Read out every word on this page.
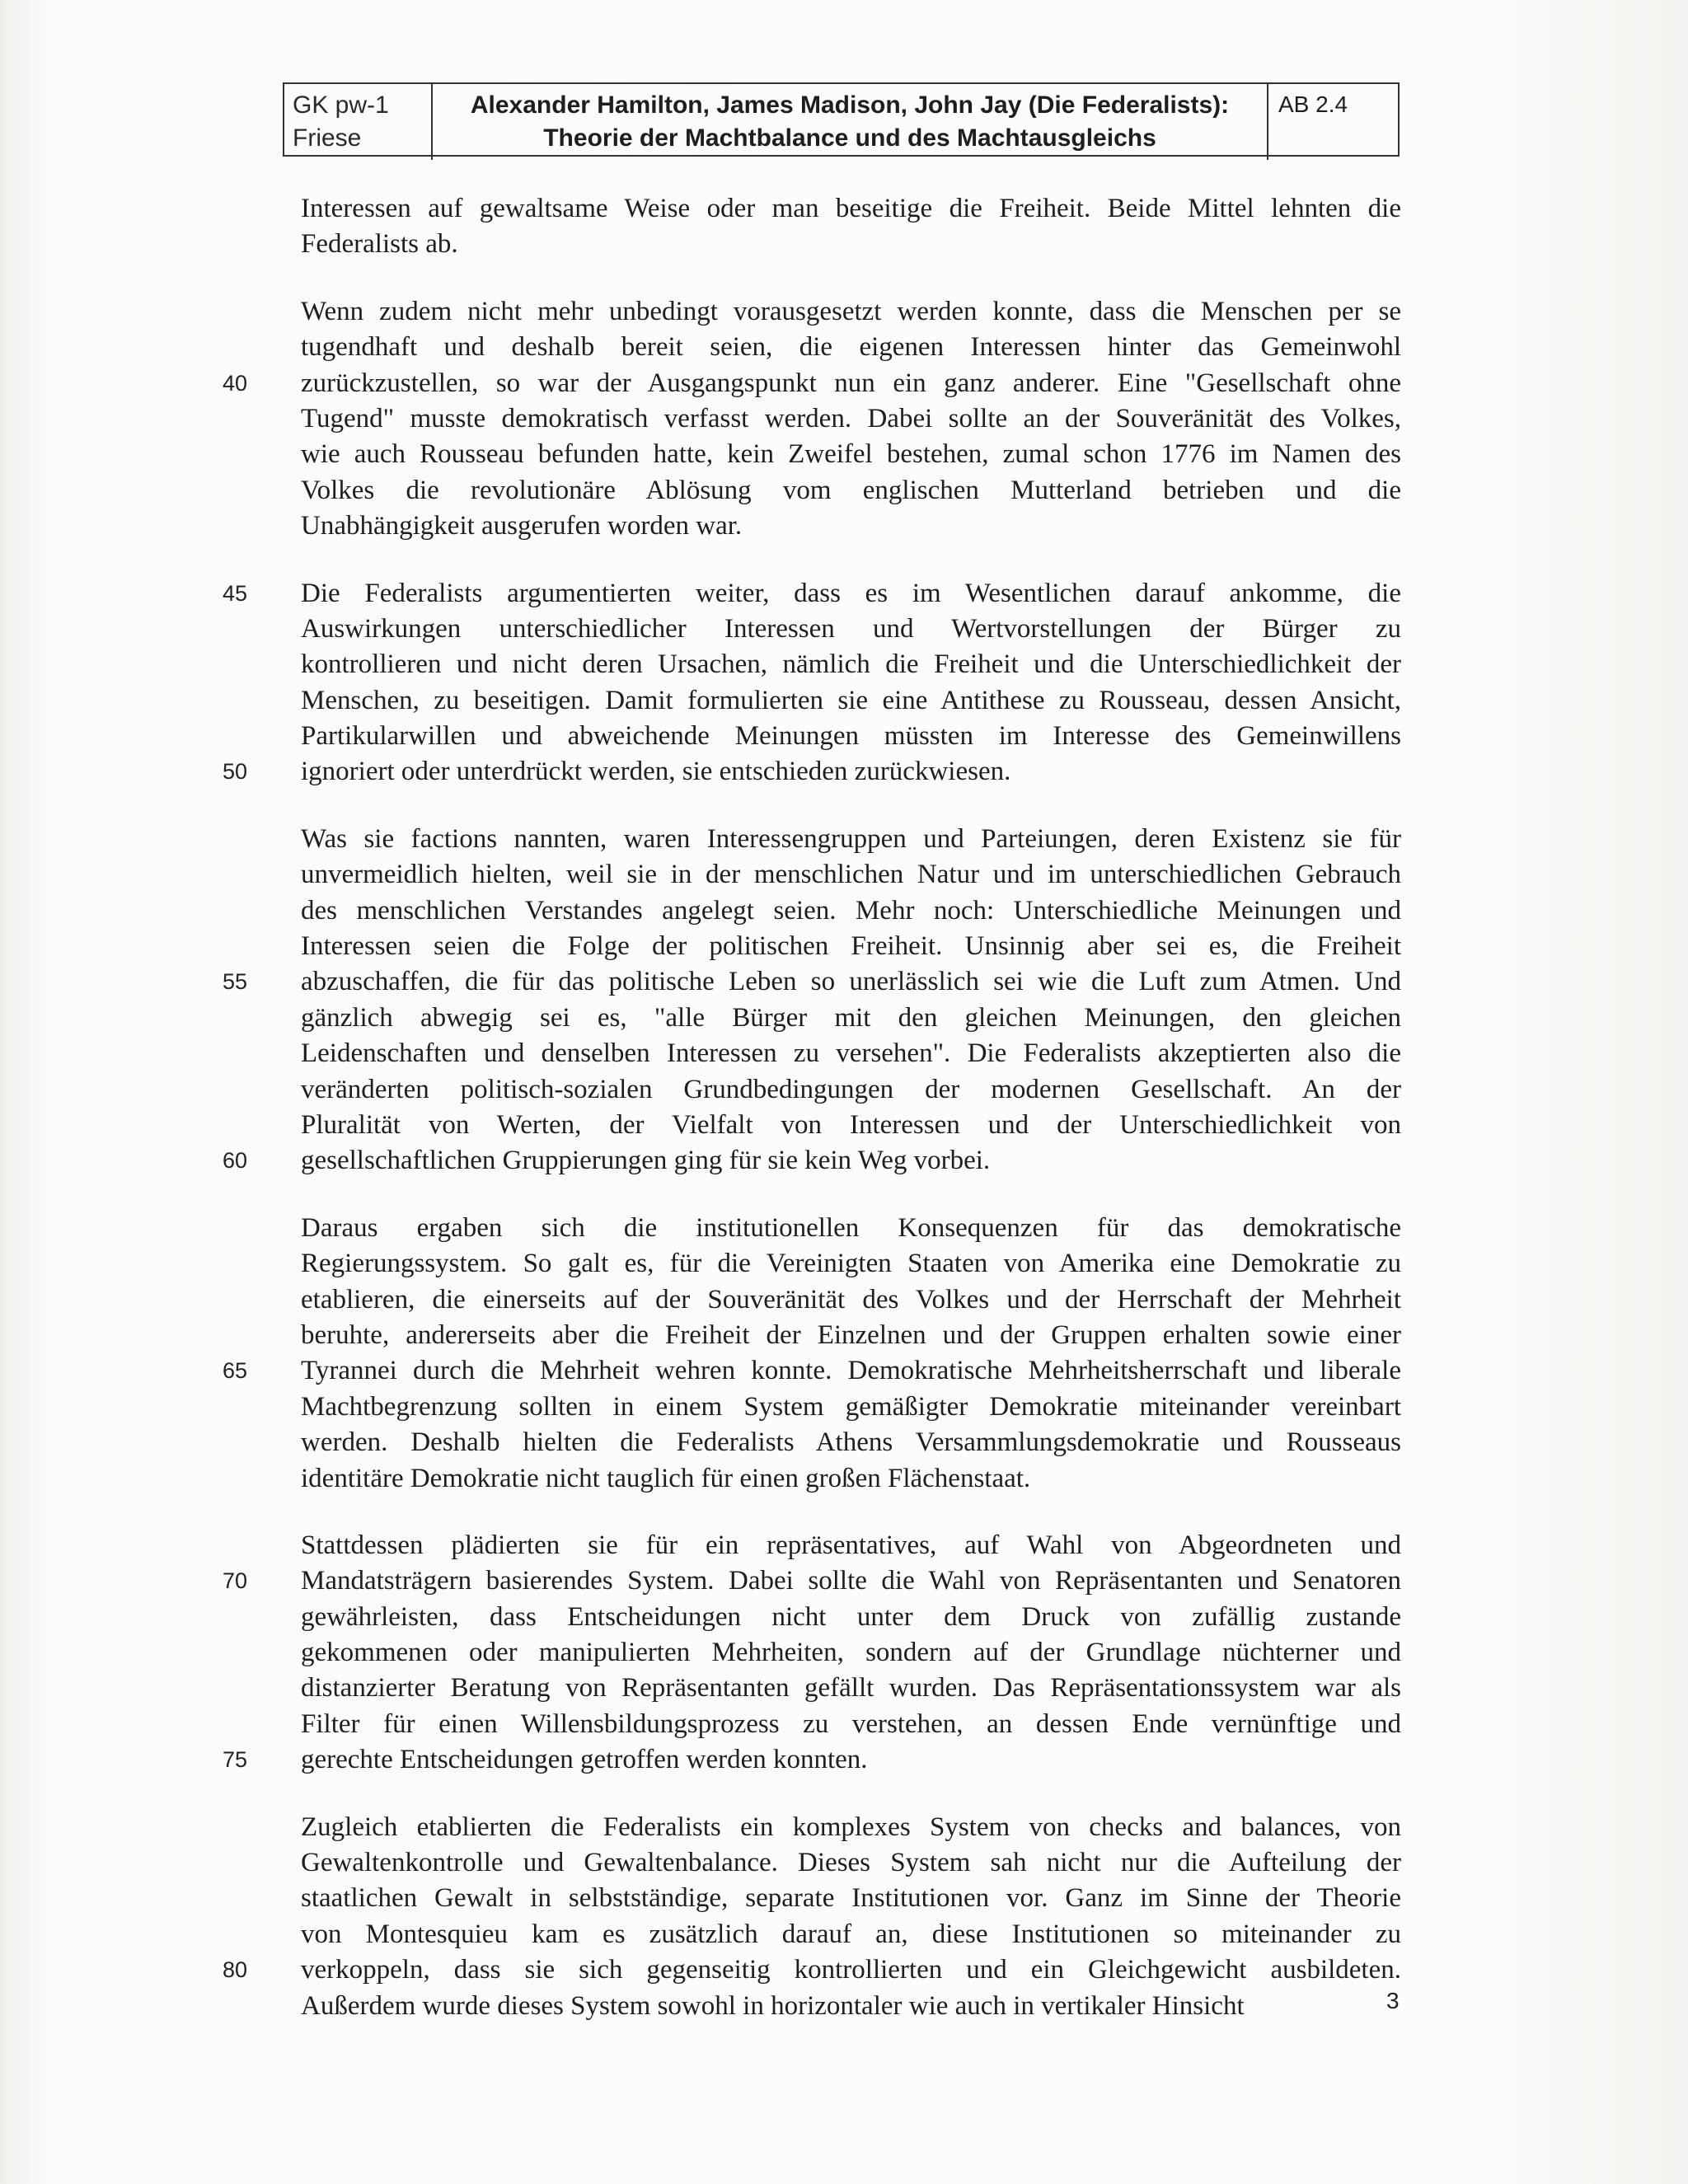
GK pw-1
Friese
Alexander Hamilton, James Madison, John Jay (Die Federalists):
Theorie der Machtbalance und des Machtausgleichs
AB 2.4
Interessen auf gewaltsame Weise oder man beseitige die Freiheit. Beide Mittel lehnten die
Federalists ab.
Wenn zudem nicht mehr unbedingt vorausgesetzt werden konnte, dass die Menschen per se
tugendhaft und deshalb bereit seien, die eigenen Interessen hinter das Gemeinwohl
40 zurückzustellen, so war der Ausgangspunkt nun ein ganz anderer. Eine "Gesellschaft ohne
Tugend" musste demokratisch verfasst werden. Dabei sollte an der Souveränität des Volkes,
wie auch Rousseau befunden hatte, kein Zweifel bestehen, zumal schon 1776 im Namen des
Volkes die revolutionäre Ablösung vom englischen Mutterland betrieben und die
Unabhängigkeit ausgerufen worden war.
45 Die Federalists argumentierten weiter, dass es im Wesentlichen darauf ankomme, die
Auswirkungen unterschiedlicher Interessen und Wertvorstellungen der Bürger zu
kontrollieren und nicht deren Ursachen, nämlich die Freiheit und die Unterschiedlichkeit der
Menschen, zu beseitigen. Damit formulierten sie eine Antithese zu Rousseau, dessen Ansicht,
Partikularwillen und abweichende Meinungen müssten im Interesse des Gemeinwillens
50 ignoriert oder unterdrückt werden, sie entschieden zurückwiesen.
Was sie factions nannten, waren Interessengruppen und Parteiungen, deren Existenz sie für
unvermeidlich hielten, weil sie in der menschlichen Natur und im unterschiedlichen Gebrauch
des menschlichen Verstandes angelegt seien. Mehr noch: Unterschiedliche Meinungen und
Interessen seien die Folge der politischen Freiheit. Unsinnig aber sei es, die Freiheit
55 abzuschaffen, die für das politische Leben so unerlässlich sei wie die Luft zum Atmen. Und
gänzlich abwegig sei es, "alle Bürger mit den gleichen Meinungen, den gleichen
Leidenschaften und denselben Interessen zu versehen". Die Federalists akzeptierten also die
veränderten politisch-sozialen Grundbedingungen der modernen Gesellschaft. An der
Pluralität von Werten, der Vielfalt von Interessen und der Unterschiedlichkeit von
60 gesellschaftlichen Gruppierungen ging für sie kein Weg vorbei.
Daraus ergaben sich die institutionellen Konsequenzen für das demokratische
Regierungssystem. So galt es, für die Vereinigten Staaten von Amerika eine Demokratie zu
etablieren, die einerseits auf der Souveränität des Volkes und der Herrschaft der Mehrheit
beruhte, andererseits aber die Freiheit der Einzelnen und der Gruppen erhalten sowie einer
65 Tyrannei durch die Mehrheit wehren konnte. Demokratische Mehrheitsherrschaft und liberale
Machtbegrenzung sollten in einem System gemäßigter Demokratie miteinander vereinbart
werden. Deshalb hielten die Federalists Athens Versammlungsdemokratie und Rousseaus
identitäre Demokratie nicht tauglich für einen großen Flächenstaat.
Stattdessen plädierten sie für ein repräsentatives, auf Wahl von Abgeordneten und
70 Mandatsträgern basierendes System. Dabei sollte die Wahl von Repräsentanten und Senatoren
gewährleisten, dass Entscheidungen nicht unter dem Druck von zufällig zustande
gekommenen oder manipulierten Mehrheiten, sondern auf der Grundlage nüchterner und
distanzierter Beratung von Repräsentanten gefällt wurden. Das Repräsentationssystem war als
Filter für einen Willensbildungsprozess zu verstehen, an dessen Ende vernünftige und
75 gerechte Entscheidungen getroffen werden konnten.
Zugleich etablierten die Federalists ein komplexes System von checks and balances, von
Gewaltenkontrolle und Gewaltenbalance. Dieses System sah nicht nur die Aufteilung der
staatlichen Gewalt in selbstständige, separate Institutionen vor. Ganz im Sinne der Theorie
von Montesquieu kam es zusätzlich darauf an, diese Institutionen so miteinander zu
80 verkoppeln, dass sie sich gegenseitig kontrollierten und ein Gleichgewicht ausbildeten.
Außerdem wurde dieses System sowohl in horizontaler wie auch in vertikaler Hinsicht	3
